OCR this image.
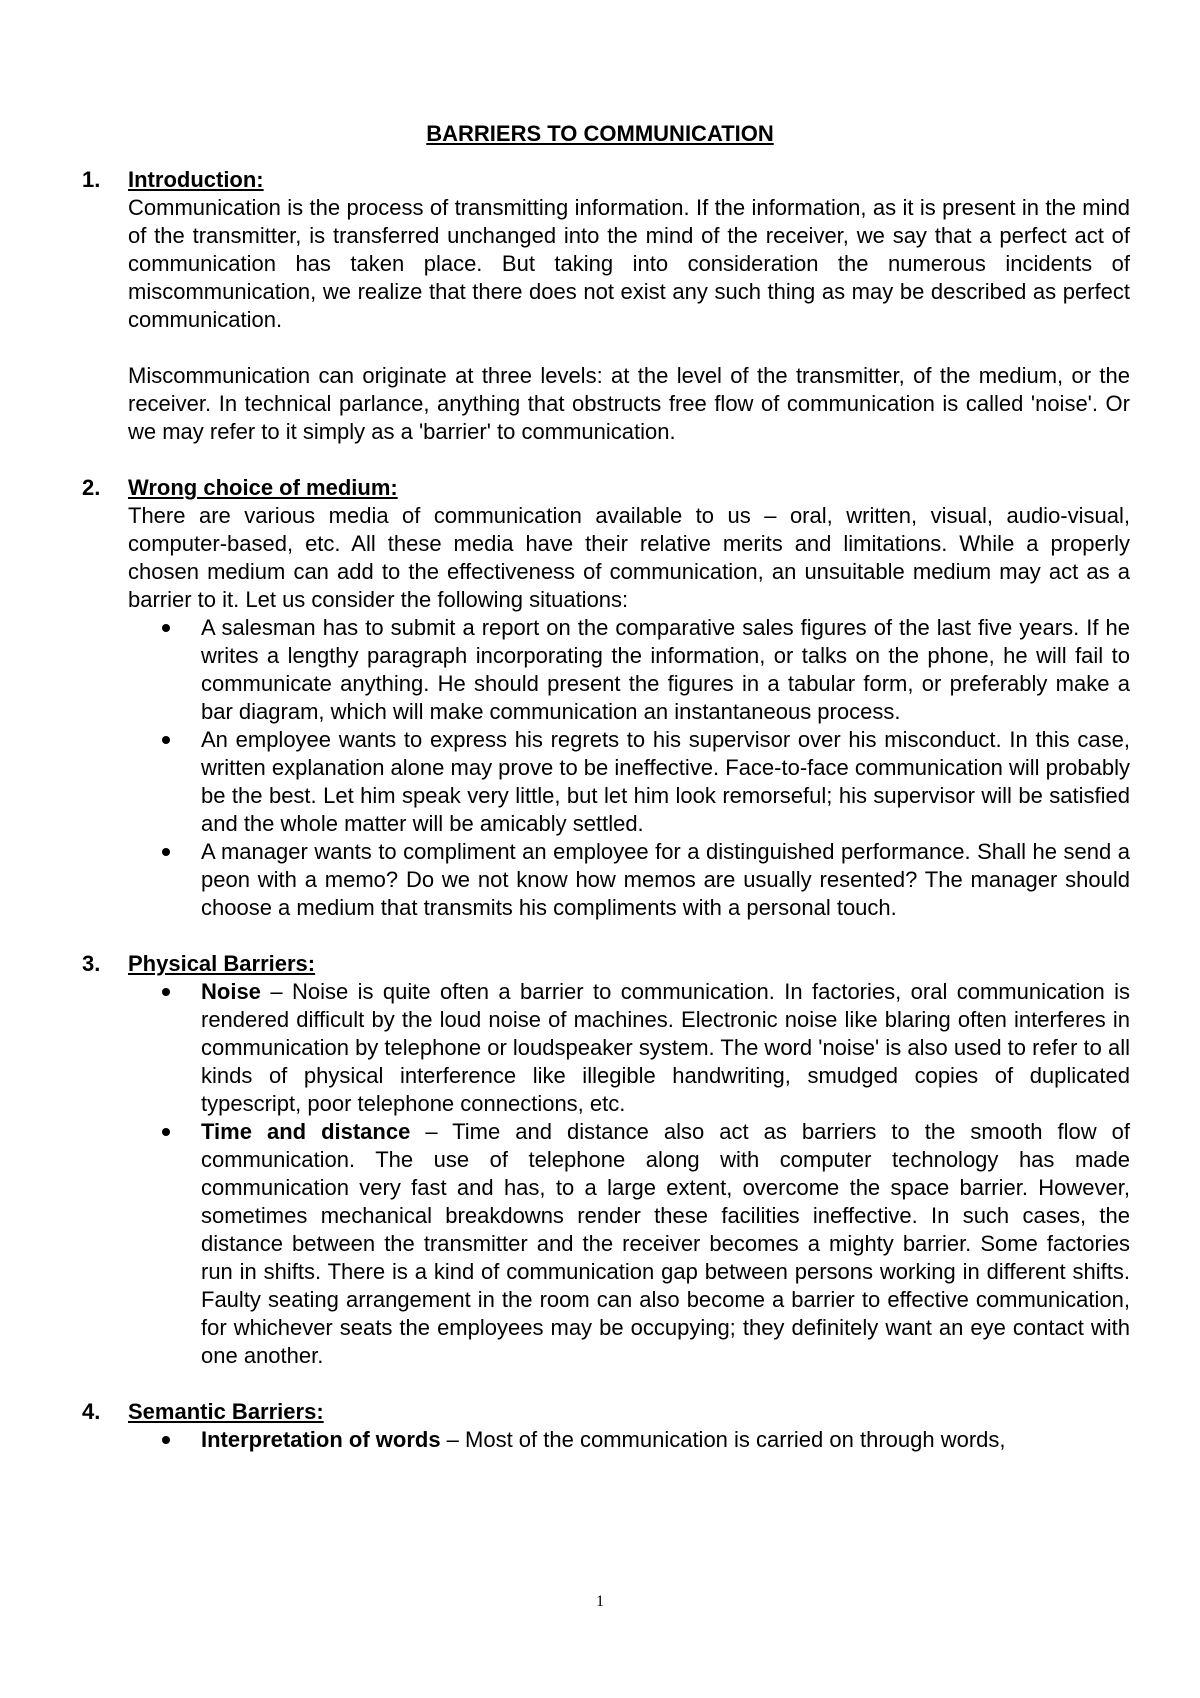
BARRIERS TO COMMUNICATION
1. Introduction:

Communication is the process of transmitting information. If the information, as it is present in the mind of the transmitter, is transferred unchanged into the mind of the receiver, we say that a perfect act of communication has taken place. But taking into consideration the numerous incidents of miscommunication, we realize that there does not exist any such thing as may be described as perfect communication.

Miscommunication can originate at three levels: at the level of the transmitter, of the medium, or the receiver. In technical parlance, anything that obstructs free flow of communication is called 'noise'. Or we may refer to it simply as a 'barrier' to communication.

2. Wrong choice of medium:

There are various media of communication available to us – oral, written, visual, audio-visual, computer-based, etc. All these media have their relative merits and limitations. While a properly chosen medium can add to the effectiveness of communication, an unsuitable medium may act as a barrier to it. Let us consider the following situations:

A salesman has to submit a report on the comparative sales figures of the last five years. If he writes a lengthy paragraph incorporating the information, or talks on the phone, he will fail to communicate anything. He should present the figures in a tabular form, or preferably make a bar diagram, which will make communication an instantaneous process.
An employee wants to express his regrets to his supervisor over his misconduct. In this case, written explanation alone may prove to be ineffective. Face-to-face communication will probably be the best. Let him speak very little, but let him look remorseful; his supervisor will be satisfied and the whole matter will be amicably settled.
A manager wants to compliment an employee for a distinguished performance. Shall he send a peon with a memo? Do we not know how memos are usually resented? The manager should choose a medium that transmits his compliments with a personal touch.
3. Physical Barriers:
Noise – Noise is quite often a barrier to communication. In factories, oral communication is rendered difficult by the loud noise of machines. Electronic noise like blaring often interferes in communication by telephone or loudspeaker system. The word 'noise' is also used to refer to all kinds of physical interference like illegible handwriting, smudged copies of duplicated typescript, poor telephone connections, etc.
Time and distance – Time and distance also act as barriers to the smooth flow of communication. The use of telephone along with computer technology has made communication very fast and has, to a large extent, overcome the space barrier. However, sometimes mechanical breakdowns render these facilities ineffective. In such cases, the distance between the transmitter and the receiver becomes a mighty barrier. Some factories run in shifts. There is a kind of communication gap between persons working in different shifts. Faulty seating arrangement in the room can also become a barrier to effective communication, for whichever seats the employees may be occupying; they definitely want an eye contact with one another.
4. Semantic Barriers:
Interpretation of words – Most of the communication is carried on through words,
1
